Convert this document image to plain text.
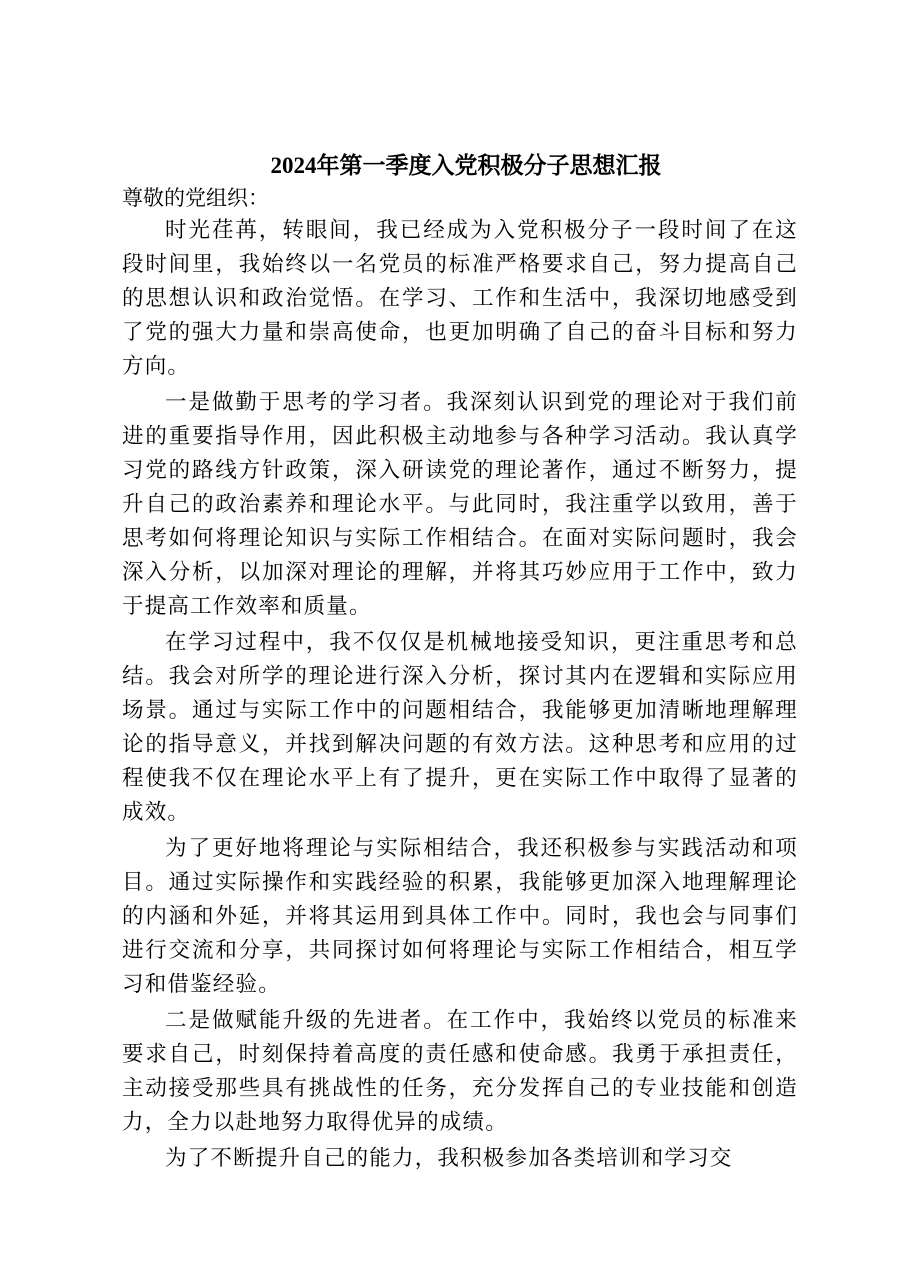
2024年第一季度入党积极分子思想汇报

尊敬的党组织：

时光荏苒，转眼间，我已经成为入党积极分子一段时间了在这段时间里，我始终以一名党员的标准严格要求自己，努力提高自己的思想认识和政治觉悟。在学习、工作和生活中，我深切地感受到了党的强大力量和崇高使命，也更加明确了自己的奋斗目标和努力方向。

一是做勤于思考的学习者。我深刻认识到党的理论对于我们前进的重要指导作用，因此积极主动地参与各种学习活动。我认真学习党的路线方针政策，深入研读党的理论著作，通过不断努力，提升自己的政治素养和理论水平。与此同时，我注重学以致用，善于思考如何将理论知识与实际工作相结合。在面对实际问题时，我会深入分析，以加深对理论的理解，并将其巧妙应用于工作中，致力于提高工作效率和质量。

在学习过程中，我不仅仅是机械地接受知识，更注重思考和总结。我会对所学的理论进行深入分析，探讨其内在逻辑和实际应用场景。通过与实际工作中的问题相结合，我能够更加清晰地理解理论的指导意义，并找到解决问题的有效方法。这种思考和应用的过程使我不仅在理论水平上有了提升，更在实际工作中取得了显著的成效。

为了更好地将理论与实际相结合，我还积极参与实践活动和项目。通过实际操作和实践经验的积累，我能够更加深入地理解理论的内涵和外延，并将其运用到具体工作中。同时，我也会与同事们进行交流和分享，共同探讨如何将理论与实际工作相结合，相互学习和借鉴经验。

二是做赋能升级的先进者。在工作中，我始终以党员的标准来要求自己，时刻保持着高度的责任感和使命感。我勇于承担责任，主动接受那些具有挑战性的任务，充分发挥自己的专业技能和创造力，全力以赴地努力取得优异的成绩。

为了不断提升自己的能力，我积极参加各类培训和学习交
